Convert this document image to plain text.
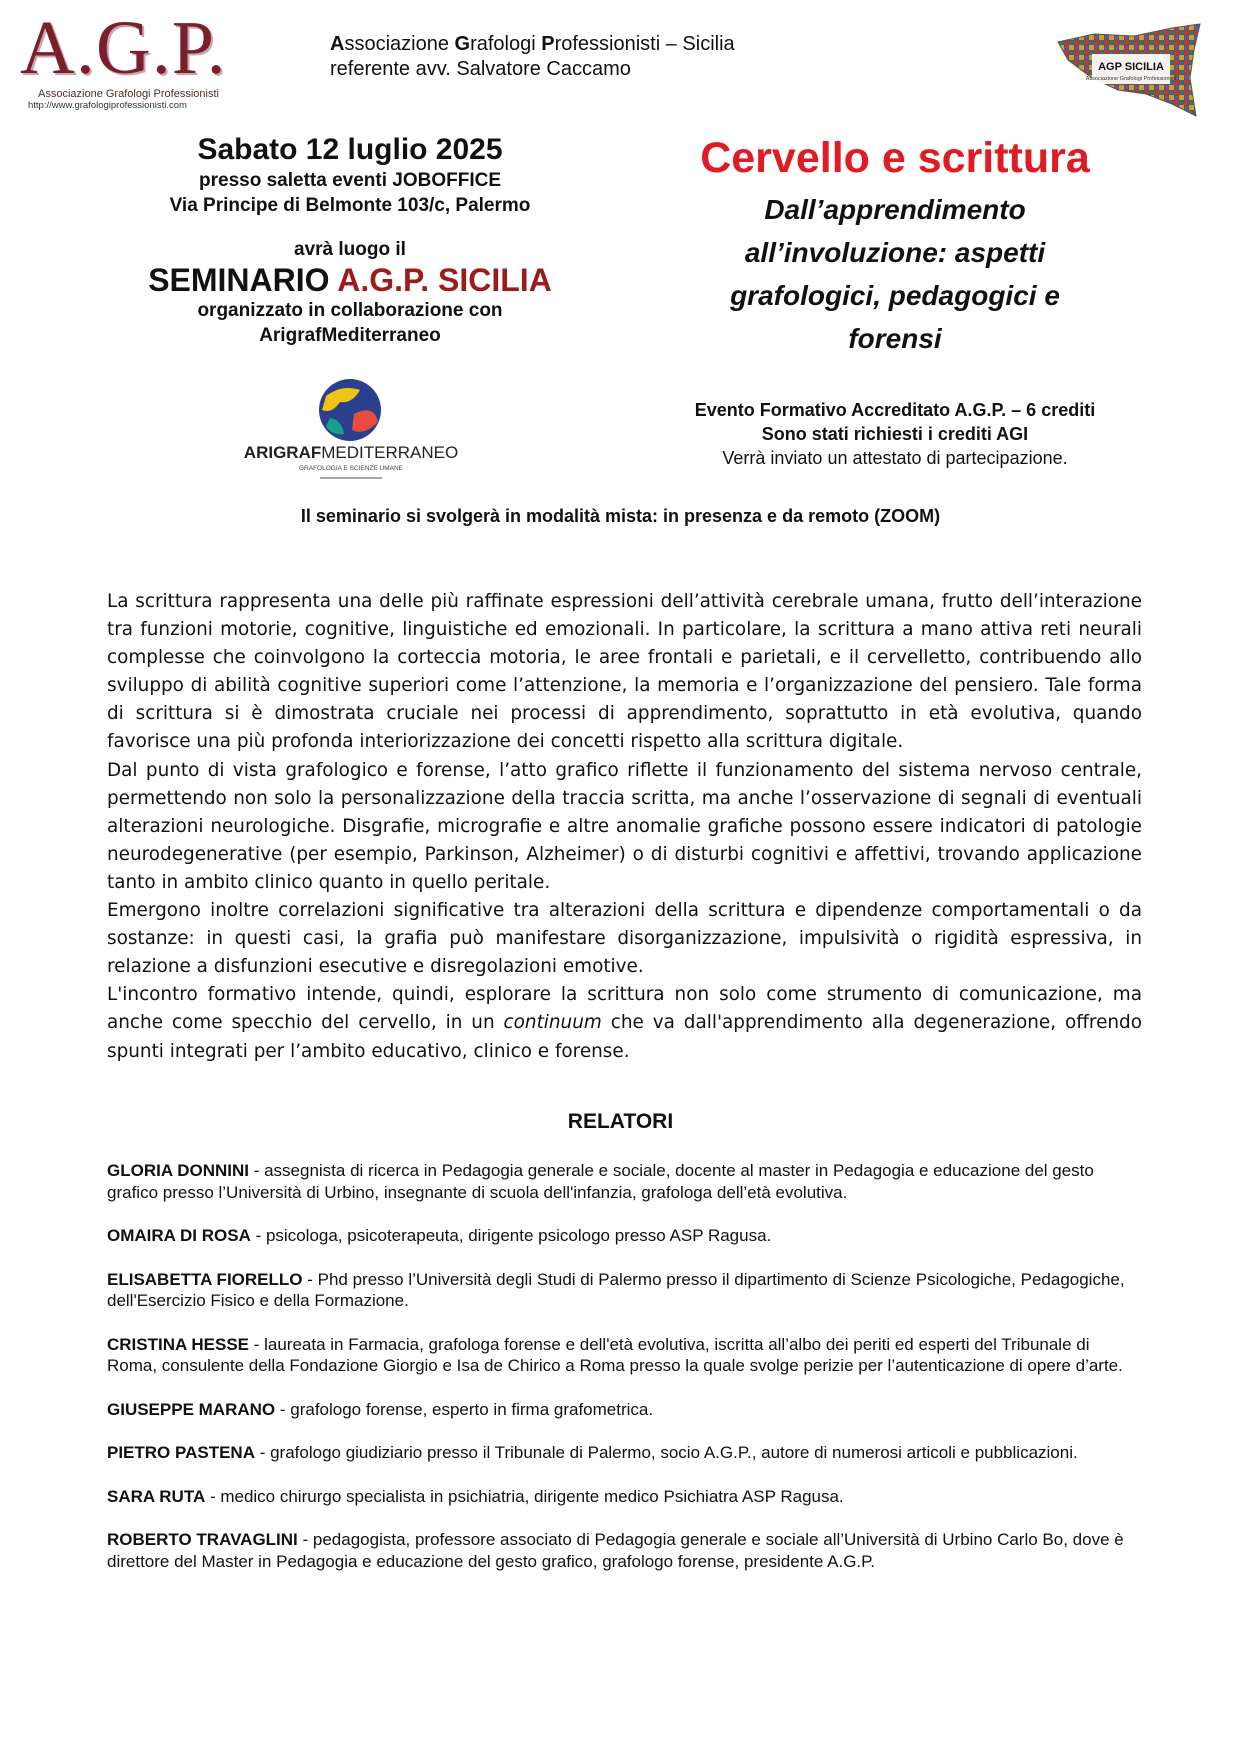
A.G.P.
Associazione Grafologi Professionisti
http://www.grafologiprofessionisti.com
Associazione Grafologi Professionisti – Sicilia
referente avv. Salvatore Caccamo	AGP SICILIA
Associazione Grafologi Professionisti
Sabato 12 luglio 2025
presso saletta eventi JOBOFFICE
Via Principe di Belmonte 103/c, Palermo
avrà luogo il
SEMINARIO A.G.P. SICILIA
organizzato in collaborazione con
ArigrafMediterraneo
ARIGRAFMEDITERRANEO
GRAFOLOGIA E SCIENZE UMANE
Cervello e scrittura
Dall’apprendimento
all’involuzione: aspetti
grafologici, pedagogici e
forensi
Evento Formativo Accreditato A.G.P. – 6 crediti
Sono stati richiesti i crediti AGI
Verrà inviato un attestato di partecipazione.
Il seminario si svolgerà in modalità mista: in presenza e da remoto (ZOOM)

La scrittura rappresenta una delle più raffinate espressioni dell’attività cerebrale umana, frutto dell’interazione tra funzioni motorie, cognitive, linguistiche ed emozionali. In particolare, la scrittura a mano attiva reti neurali complesse che coinvolgono la corteccia motoria, le aree frontali e parietali, e il cervelletto, contribuendo allo sviluppo di abilità cognitive superiori come l’attenzione, la memoria e l’organizzazione del pensiero. Tale forma di scrittura si è dimostrata cruciale nei processi di apprendimento, soprattutto in età evolutiva, quando favorisce una più profonda interiorizzazione dei concetti rispetto alla scrittura digitale.

Dal punto di vista grafologico e forense, l’atto grafico riflette il funzionamento del sistema nervoso centrale, permettendo non solo la personalizzazione della traccia scritta, ma anche l’osservazione di segnali di eventuali alterazioni neurologiche. Disgrafie, micrografie e altre anomalie grafiche possono essere indicatori di patologie neurodegenerative (per esempio, Parkinson, Alzheimer) o di disturbi cognitivi e affettivi, trovando applicazione tanto in ambito clinico quanto in quello peritale.

Emergono inoltre correlazioni significative tra alterazioni della scrittura e dipendenze comportamentali o da sostanze: in questi casi, la grafia può manifestare disorganizzazione, impulsività o rigidità espressiva, in relazione a disfunzioni esecutive e disregolazioni emotive.

L'incontro formativo intende, quindi, esplorare la scrittura non solo come strumento di comunicazione, ma anche come specchio del cervello, in un continuum che va dall'apprendimento alla degenerazione, offrendo spunti integrati per l’ambito educativo, clinico e forense.

RELATORI
GLORIA DONNINI - assegnista di ricerca in Pedagogia generale e sociale, docente al master in Pedagogia e educazione del gesto grafico presso l’Università di Urbino, insegnante di scuola dell'infanzia, grafologa dell’età evolutiva.
OMAIRA DI ROSA - psicologa, psicoterapeuta, dirigente psicologo presso ASP Ragusa.
ELISABETTA FIORELLO - Phd presso l’Università degli Studi di Palermo presso il dipartimento di Scienze Psicologiche, Pedagogiche, dell'Esercizio Fisico e della Formazione.
CRISTINA HESSE - laureata in Farmacia, grafologa forense e dell'età evolutiva, iscritta all’albo dei periti ed esperti del Tribunale di Roma, consulente della Fondazione Giorgio e Isa de Chirico a Roma presso la quale svolge perizie per l’autenticazione di opere d’arte.
GIUSEPPE MARANO - grafologo forense, esperto in firma grafometrica.
PIETRO PASTENA - grafologo giudiziario presso il Tribunale di Palermo, socio A.G.P., autore di numerosi articoli e pubblicazioni.
SARA RUTA - medico chirurgo specialista in psichiatria, dirigente medico Psichiatra ASP Ragusa.
ROBERTO TRAVAGLINI - pedagogista, professore associato di Pedagogia generale e sociale all’Università di Urbino Carlo Bo, dove è direttore del Master in Pedagogia e educazione del gesto grafico, grafologo forense, presidente A.G.P.
